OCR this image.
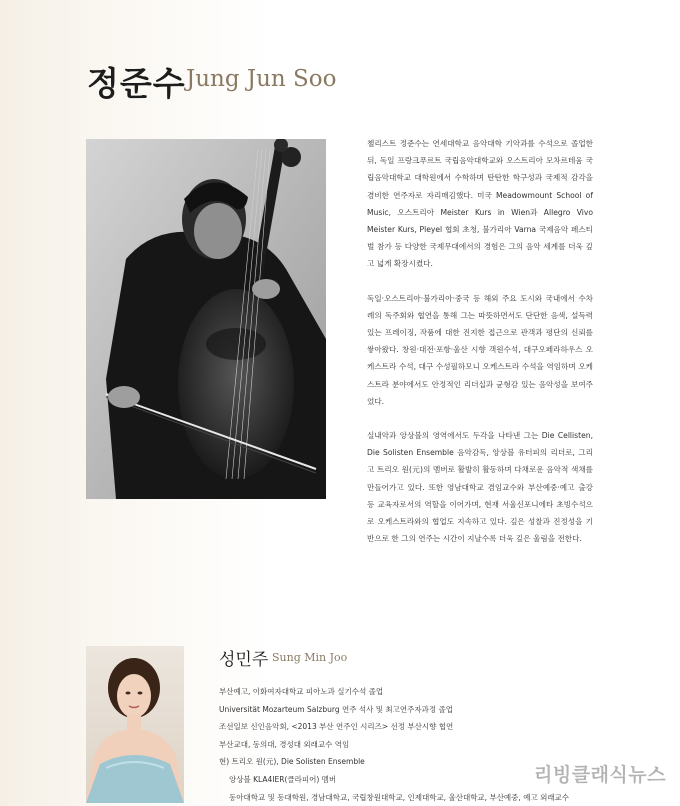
정준수 Jung Jun Soo

첼리스트 정준수는 연세대학교 음악대학 기악과를 수석으로 졸업한 뒤, 독일 프랑크푸르트 국립음악대학교와 오스트리아 모차르테움 국립음악대학교 대학원에서 수학하며 탄탄한 학구성과 국제적 감각을 겸비한 연주자로 자리매김했다. 미국 Meadowmount School of Music, 오스트리아 Meister Kurs in Wien과 Allegro Vivo Meister Kurs, Pleyel 협회 초청, 불가리아 Varna 국제음악 페스티벌 참가 등 다양한 국제무대에서의 경험은 그의 음악 세계를 더욱 깊고 넓게 확장시켰다.

독일·오스트리아·불가리아·중국 등 해외 주요 도시와 국내에서 수차례의 독주회와 협연을 통해 그는 따뜻하면서도 단단한 음색, 설득력 있는 프레이징, 작품에 대한 진지한 접근으로 관객과 평단의 신뢰를 쌓아왔다. 창원·대전·포항·울산 시향 객원수석, 대구오페라하우스 오케스트라 수석, 대구 수성필하모니 오케스트라 수석을 역임하며 오케스트라 분야에서도 안정적인 리더십과 균형감 있는 음악성을 보여주었다.

실내악과 앙상블의 영역에서도 두각을 나타낸 그는 Die Cellisten, Die Solisten Ensemble 음악감독, 앙상블 유터피의 리더로, 그리고 트리오 원(元)의 멤버로 활발히 활동하며 다채로운 음악적 색채를 만들어가고 있다. 또한 영남대학교 겸임교수와 부산예중·예고 출강 등 교육자로서의 역할을 이어가며, 현재 서울신포니에타 초빙수석으로 오케스트라와의 협업도 지속하고 있다. 깊은 성찰과 진정성을 기반으로 한 그의 연주는 시간이 지날수록 더욱 깊은 울림을 전한다.

성민주 Sung Min Joo
부산예고, 이화여자대학교 피아노과 실기수석 졸업
Universität Mozarteum Salzburg 연주 석사 및 최고연주자과정 졸업
조선일보 신인음악회, <2013 부산 연주인 시리즈> 선정 부산시향 협연
부산교대, 동의대, 경성대 외래교수 역임
현) 트리오 원(元), Die Solisten Ensemble
앙상블 KLA4IER(클라피어) 멤버
동아대학교 및 동대학원, 경남대학교, 국립창원대학교, 인제대학교, 울산대학교, 부산예중, 예고 외래교수
리빙클래식뉴스
